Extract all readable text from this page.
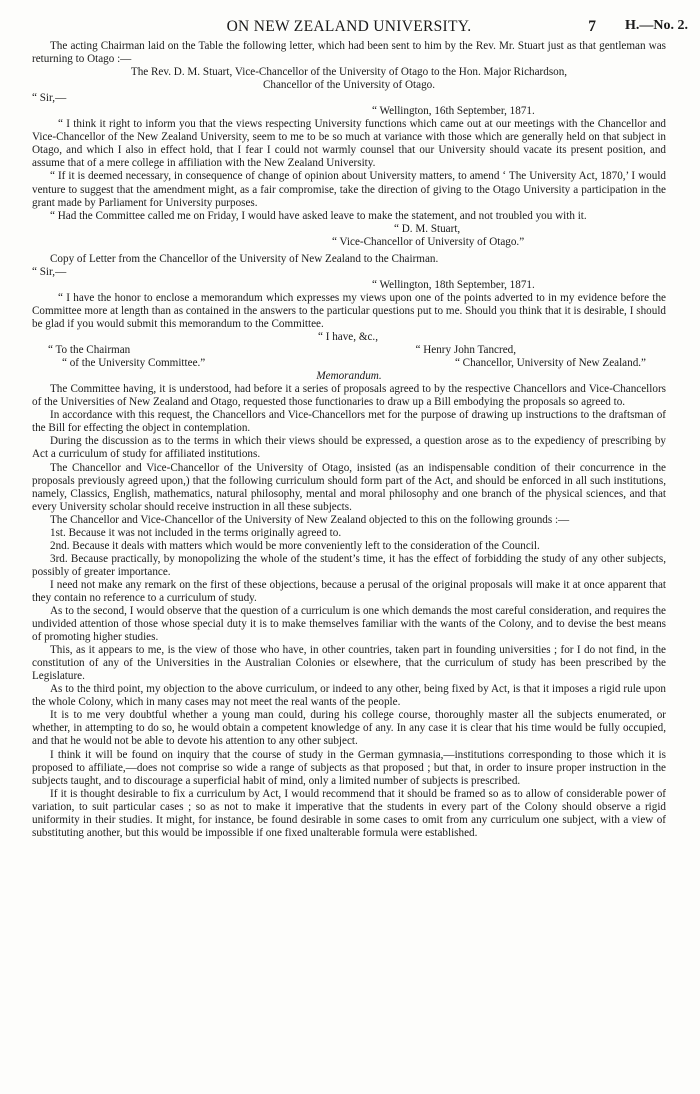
ON NEW ZEALAND UNIVERSITY.	7 H.—No. 2.

The acting Chairman laid on the Table the following letter, which had been sent to him by the Rev. Mr. Stuart just as that gentleman was returning to Otago :—

The Rev. D. M. Stuart, Vice-Chancellor of the University of Otago to the Hon. Major Richardson,

Chancellor of the University of Otago.

“ Sir,—

“ Wellington, 16th September, 1871.

“ I think it right to inform you that the views respecting University functions which came out at our meetings with the Chancellor and Vice-Chancellor of the New Zealand University, seem to me to be so much at variance with those which are generally held on that subject in Otago, and which I also in effect hold, that I fear I could not warmly counsel that our University should vacate its present position, and assume that of a mere college in affiliation with the New Zealand University.

“ If it is deemed necessary, in consequence of change of opinion about University matters, to amend ‘ The University Act, 1870,’ I would venture to suggest that the amendment might, as a fair compromise, take the direction of giving to the Otago University a participation in the grant made by Parliament for University purposes.

“ Had the Committee called me on Friday, I would have asked leave to make the statement, and not troubled you with it.

“ D. M. Stuart,

“ Vice-Chancellor of University of Otago.”

Copy of Letter from the Chancellor of the University of New Zealand to the Chairman.

“ Sir,—

“ Wellington, 18th September, 1871.

“ I have the honor to enclose a memorandum which expresses my views upon one of the points adverted to in my evidence before the Committee more at length than as contained in the answers to the particular questions put to me. Should you think that it is desirable, I should be glad if you would submit this memorandum to the Committee.

“ I have, &c.,

“ To the Chairman	“ Henry John Tancred,

“ of the University Committee.”	“ Chancellor, University of New Zealand.”

Memorandum.

The Committee having, it is understood, had before it a series of proposals agreed to by the respective Chancellors and Vice-Chancellors of the Universities of New Zealand and Otago, requested those functionaries to draw up a Bill embodying the proposals so agreed to.

In accordance with this request, the Chancellors and Vice-Chancellors met for the purpose of drawing up instructions to the draftsman of the Bill for effecting the object in contemplation.

During the discussion as to the terms in which their views should be expressed, a question arose as to the expediency of prescribing by Act a curriculum of study for affiliated institutions.

The Chancellor and Vice-Chancellor of the University of Otago, insisted (as an indispensable condition of their concurrence in the proposals previously agreed upon,) that the following curriculum should form part of the Act, and should be enforced in all such institutions, namely, Classics, English, mathematics, natural philosophy, mental and moral philosophy and one branch of the physical sciences, and that every University scholar should receive instruction in all these subjects.

The Chancellor and Vice-Chancellor of the University of New Zealand objected to this on the following grounds :—

1st. Because it was not included in the terms originally agreed to.

2nd. Because it deals with matters which would be more conveniently left to the consideration of the Council.

3rd. Because practically, by monopolizing the whole of the student’s time, it has the effect of forbidding the study of any other subjects, possibly of greater importance.

I need not make any remark on the first of these objections, because a perusal of the original proposals will make it at once apparent that they contain no reference to a curriculum of study.

As to the second, I would observe that the question of a curriculum is one which demands the most careful consideration, and requires the undivided attention of those whose special duty it is to make themselves familiar with the wants of the Colony, and to devise the best means of promoting higher studies.

This, as it appears to me, is the view of those who have, in other countries, taken part in founding universities ; for I do not find, in the constitution of any of the Universities in the Australian Colonies or elsewhere, that the curriculum of study has been prescribed by the Legislature.

As to the third point, my objection to the above curriculum, or indeed to any other, being fixed by Act, is that it imposes a rigid rule upon the whole Colony, which in many cases may not meet the real wants of the people.

It is to me very doubtful whether a young man could, during his college course, thoroughly master all the subjects enumerated, or whether, in attempting to do so, he would obtain a competent knowledge of any. In any case it is clear that his time would be fully occupied, and that he would not be able to devote his attention to any other subject.

I think it will be found on inquiry that the course of study in the German gymnasia,—institutions corresponding to those which it is proposed to affiliate,—does not comprise so wide a range of subjects as that proposed ; but that, in order to insure proper instruction in the subjects taught, and to discourage a superficial habit of mind, only a limited number of subjects is prescribed.

If it is thought desirable to fix a curriculum by Act, I would recommend that it should be framed so as to allow of considerable power of variation, to suit particular cases ; so as not to make it imperative that the students in every part of the Colony should observe a rigid uniformity in their studies. It might, for instance, be found desirable in some cases to omit from any curriculum one subject, with a view of substituting another, but this would be impossible if one fixed unalterable formula were established.
